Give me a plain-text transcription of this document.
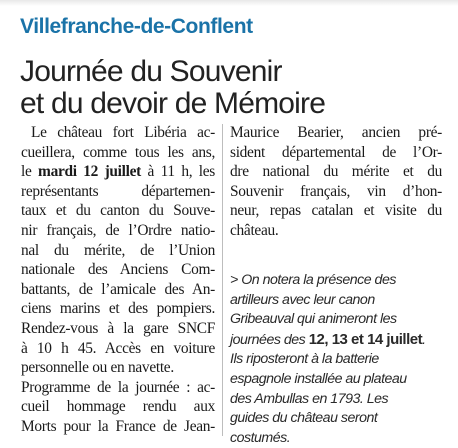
Villefranche-de-Conflent
Journée du Souvenir
et du devoir de Mémoire
Le château fort Libéria ac-
cueillera, comme tous les ans,
le mardi 12 juillet à 11 h, les
représentants départemen-
taux et du canton du Souve-
nir français, de l’Ordre natio-
nal du mérite, de l’Union
nationale des Anciens Com-
battants, de l’amicale des An-
ciens marins et des pompiers.
Rendez-vous à la gare SNCF
à 10 h 45. Accès en voiture
personnelle ou en navette.
Programme de la journée : ac-
cueil hommage rendu aux
Morts pour la France de Jean-
Maurice Bearier, ancien pré-
sident départemental de l’Or-
dre national du mérite et du
Souvenir français, vin d’hon-
neur, repas catalan et visite du
château.
> On notera la présence des
artilleurs avec leur canon
Gribeauval qui animeront les
journées des 12, 13 et 14 juillet.
Ils riposteront à la batterie
espagnole installée au plateau
des Ambullas en 1793. Les
guides du château seront
costumés.
